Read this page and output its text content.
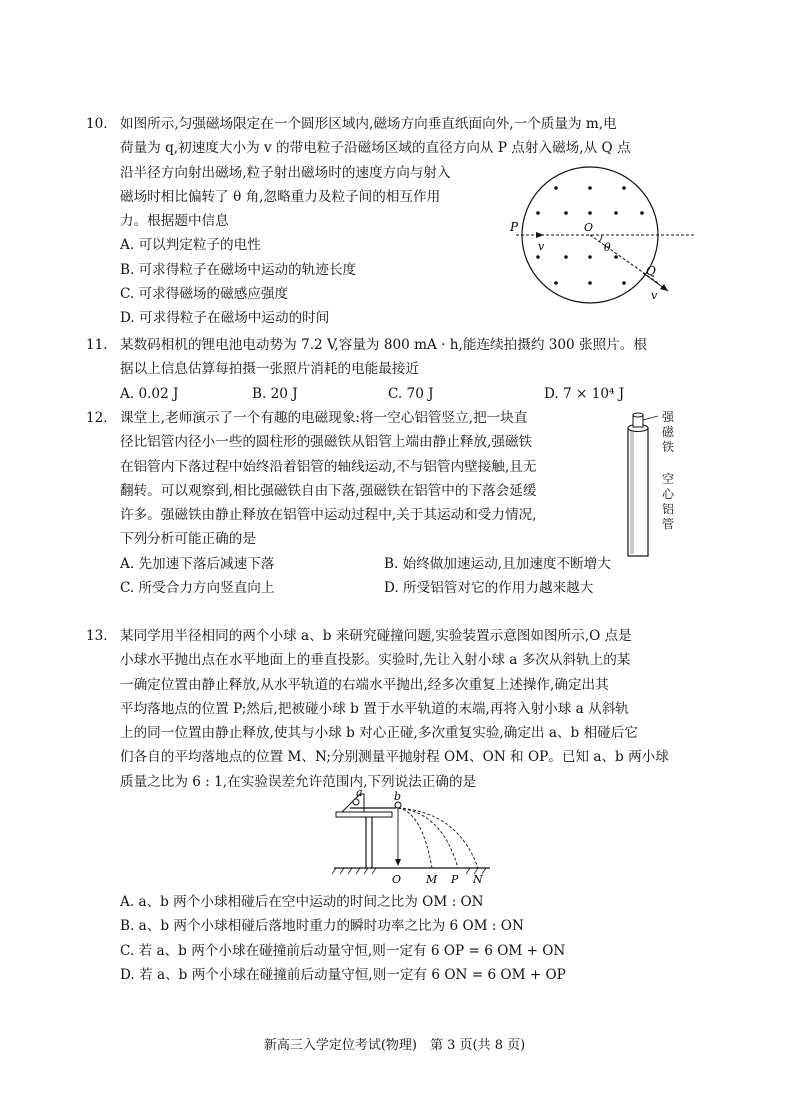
10. 如图所示,匀强磁场限定在一个圆形区域内,磁场方向垂直纸面向外,一个质量为 m,电
荷量为 q,初速度大小为 v 的带电粒子沿磁场区域的直径方向从 P 点射入磁场,从 Q 点
沿半径方向射出磁场,粒子射出磁场时的速度方向与射入
磁场时相比偏转了 θ 角,忽略重力及粒子间的相互作用
力。根据题中信息
A. 可以判定粒子的电性
B. 可求得粒子在磁场中运动的轨迹长度
C. 可求得磁场的磁感应强度
D. 可求得粒子在磁场中运动的时间
P
v
O
θ
Q
v
11. 某数码相机的锂电池电动势为 7.2 V,容量为 800 mA · h,能连续拍摄约 300 张照片。根
据以上信息估算每拍摄一张照片消耗的电能最接近
A. 0.02 J	B. 20 J	C. 70 J	D. 7 × 10⁴ J
12. 课堂上,老师演示了一个有趣的电磁现象:将一空心铝管竖立,把一块直
径比铝管内径小一些的圆柱形的强磁铁从铝管上端由静止释放,强磁铁
在铝管内下落过程中始终沿着铝管的轴线运动,不与铝管内壁接触,且无
翻转。可以观察到,相比强磁铁自由下落,强磁铁在铝管中的下落会延缓
许多。强磁铁由静止释放在铝管中运动过程中,关于其运动和受力情况,
下列分析可能正确的是
A. 先加速下落后减速下落	B. 始终做加速运动,且加速度不断增大
C. 所受合力方向竖直向上	D. 所受铝管对它的作用力越来越大
强磁铁
空心铝管
13. 某同学用半径相同的两个小球 a、b 来研究碰撞问题,实验装置示意图如图所示,O 点是
小球水平抛出点在水平地面上的垂直投影。实验时,先让入射小球 a 多次从斜轨上的某
一确定位置由静止释放,从水平轨道的右端水平抛出,经多次重复上述操作,确定出其
平均落地点的位置 P;然后,把被碰小球 b 置于水平轨道的末端,再将入射小球 a 从斜轨
上的同一位置由静止释放,使其与小球 b 对心正碰,多次重复实验,确定出 a、b 相碰后它
们各自的平均落地点的位置 M、N;分别测量平抛射程 OM、ON 和 OP。已知 a、b 两小球
质量之比为 6 : 1,在实验误差允许范围内,下列说法正确的是
a	b
O M P N
A. a、b 两个小球相碰后在空中运动的时间之比为 OM : ON
B. a、b 两个小球相碰后落地时重力的瞬时功率之比为 6 OM : ON
C. 若 a、b 两个小球在碰撞前后动量守恒,则一定有 6 OP = 6 OM + ON
D. 若 a、b 两个小球在碰撞前后动量守恒,则一定有 6 ON = 6 OM + OP
新高三入学定位考试(物理)　第 3 页(共 8 页)
